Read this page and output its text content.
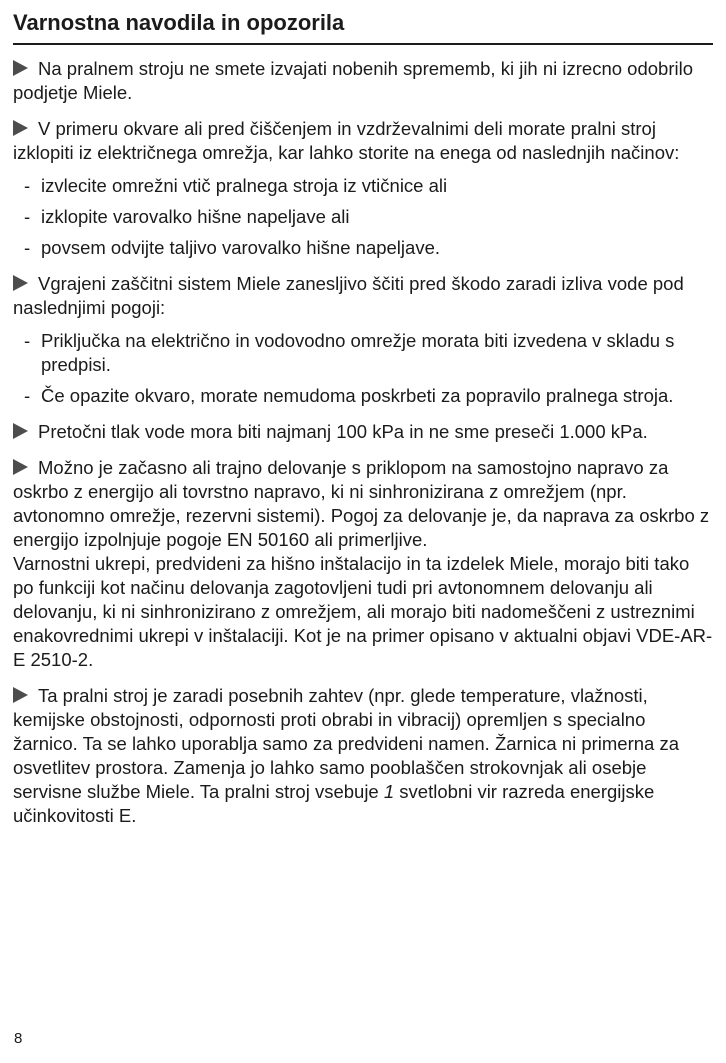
Varnostna navodila in opozorila

Na pralnem stroju ne smete izvajati nobenih sprememb, ki jih ni izrecno odobrilo podjetje Miele.

V primeru okvare ali pred čiščenjem in vzdrževalnimi deli morate pralni stroj izklopiti iz električnega omrežja, kar lahko storite na enega od naslednjih načinov:

- izvlecite omrežni vtič pralnega stroja iz vtičnice ali
- izklopite varovalko hišne napeljave ali
- povsem odvijte taljivo varovalko hišne napeljave.

Vgrajeni zaščitni sistem Miele zanesljivo ščiti pred škodo zaradi izliva vode pod naslednjimi pogoji:

- Priključka na električno in vodovodno omrežje morata biti izvedena v skladu s predpisi.
- Če opazite okvaro, morate nemudoma poskrbeti za popravilo pralnega stroja.

Pretočni tlak vode mora biti najmanj 100 kPa in ne sme preseči 1.000 kPa.

Možno je začasno ali trajno delovanje s priklopom na samostojno napravo za oskrbo z energijo ali tovrstno napravo, ki ni sinhronizirana z omrežjem (npr. avtonomno omrežje, rezervni sistemi). Pogoj za delovanje je, da naprava za oskrbo z energijo izpolnjuje pogoje EN 50160 ali primerljive.

Varnostni ukrepi, predvideni za hišno inštalacijo in ta izdelek Miele, morajo biti tako po funkciji kot načinu delovanja zagotovljeni tudi pri avtonomnem delovanju ali delovanju, ki ni sinhronizirano z omrežjem, ali morajo biti nadomeščeni z ustreznimi enakovrednimi ukrepi v inštalaciji. Kot je na primer opisano v aktualni objavi VDE-AR-E 2510-2.

Ta pralni stroj je zaradi posebnih zahtev (npr. glede temperature, vlažnosti, kemijske obstojnosti, odpornosti proti obrabi in vibracij) opremljen s specialno žarnico. Ta se lahko uporablja samo za predvideni namen. Žarnica ni primerna za osvetlitev prostora. Zamenja jo lahko samo pooblaščen strokovnjak ali osebje servisne službe Miele. Ta pralni stroj vsebuje 1 svetlobni vir razreda energijske učinkovitosti E.

8
